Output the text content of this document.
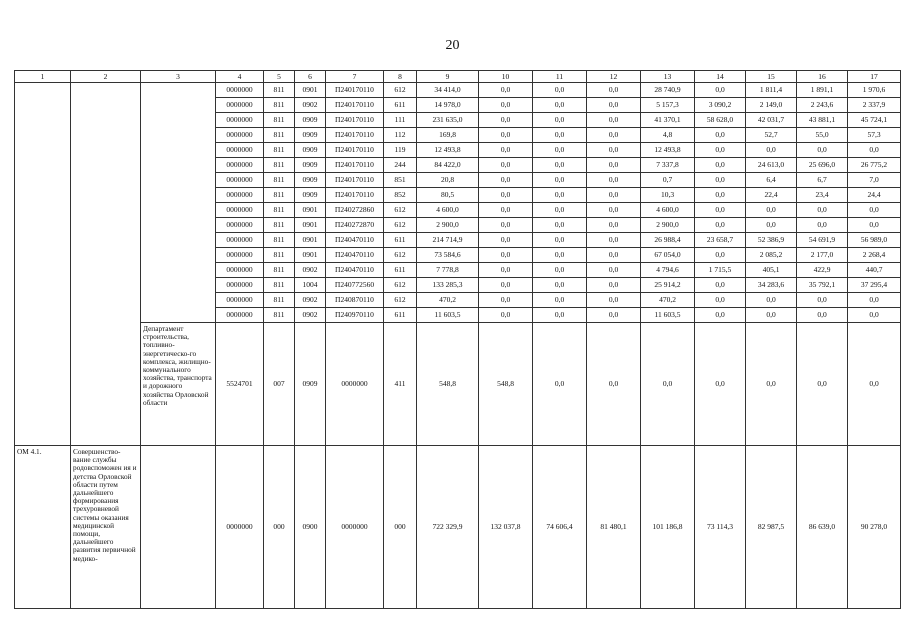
20
1	2	3	4	5	6	7	8	9	10	11	12	13	14	15	16	17
			0000000	811	0901	П240170110	612	34 414,0	0,0	0,0	0,0	28 740,9	0,0	1 811,4	1 891,1	1 970,6
			0000000	811	0902	П240170110	611	14 978,0	0,0	0,0	0,0	5 157,3	3 090,2	2 149,0	2 243,6	2 337,9
			0000000	811	0909	П240170110	111	231 635,0	0,0	0,0	0,0	41 370,1	58 628,0	42 031,7	43 881,1	45 724,1
			0000000	811	0909	П240170110	112	169,8	0,0	0,0	0,0	4,8	0,0	52,7	55,0	57,3
			0000000	811	0909	П240170110	119	12 493,8	0,0	0,0	0,0	12 493,8	0,0	0,0	0,0	0,0
			0000000	811	0909	П240170110	244	84 422,0	0,0	0,0	0,0	7 337,8	0,0	24 613,0	25 696,0	26 775,2
			0000000	811	0909	П240170110	851	20,8	0,0	0,0	0,0	0,7	0,0	6,4	6,7	7,0
			0000000	811	0909	П240170110	852	80,5	0,0	0,0	0,0	10,3	0,0	22,4	23,4	24,4
			0000000	811	0901	П240272860	612	4 600,0	0,0	0,0	0,0	4 600,0	0,0	0,0	0,0	0,0
			0000000	811	0901	П240272870	612	2 900,0	0,0	0,0	0,0	2 900,0	0,0	0,0	0,0	0,0
			0000000	811	0901	П240470110	611	214 714,9	0,0	0,0	0,0	26 988,4	23 658,7	52 386,9	54 691,9	56 989,0
			0000000	811	0901	П240470110	612	73 584,6	0,0	0,0	0,0	67 054,0	0,0	2 085,2	2 177,0	2 268,4
			0000000	811	0902	П240470110	611	7 778,8	0,0	0,0	0,0	4 794,6	1 715,5	405,1	422,9	440,7
			0000000	811	1004	П240772560	612	133 285,3	0,0	0,0	0,0	25 914,2	0,0	34 283,6	35 792,1	37 295,4
			0000000	811	0902	П240870110	612	470,2	0,0	0,0	0,0	470,2	0,0	0,0	0,0	0,0
			0000000	811	0902	П240970110	611	11 603,5	0,0	0,0	0,0	11 603,5	0,0	0,0	0,0	0,0
		Департамент строительства, топливно-энергетическо-го комплекса, жилищно-коммунального хозяйства, транспорта и дорожного хозяйства Орловской области	5524701	007	0909	0000000	411	548,8	548,8	0,0	0,0	0,0	0,0	0,0	0,0	0,0
ОМ 4.1.	Совершенство-вание службы родовспоможен ия и детства Орловской области путем дальнейшего формирования трехуровневой системы оказания медицинской помощи, дальнейшего развития первичной медико-		0000000	000	0900	0000000	000	722 329,9	132 037,8	74 606,4	81 480,1	101 186,8	73 114,3	82 987,5	86 639,0	90 278,0
